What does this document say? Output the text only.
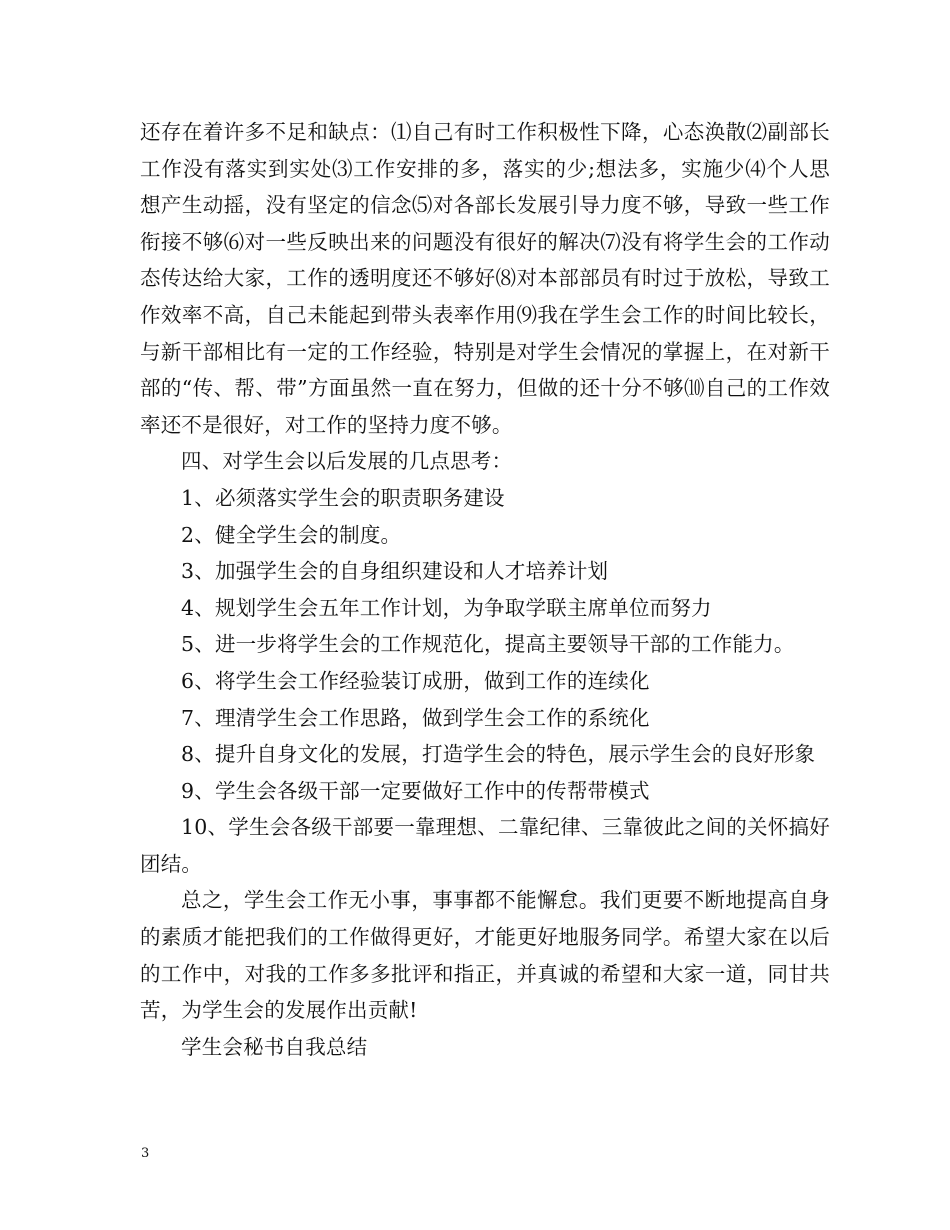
还存在着许多不足和缺点：⑴自己有时工作积极性下降，心态涣散⑵副部长工作没有落实到实处⑶工作安排的多，落实的少;想法多，实施少⑷个人思想产生动摇，没有坚定的信念⑸对各部长发展引导力度不够，导致一些工作衔接不够⑹对一些反映出来的问题没有很好的解决⑺没有将学生会的工作动态传达给大家，工作的透明度还不够好⑻对本部部员有时过于放松，导致工作效率不高，自己未能起到带头表率作用⑼我在学生会工作的时间比较长，与新干部相比有一定的工作经验，特别是对学生会情况的掌握上，在对新干部的“传、帮、带”方面虽然一直在努力，但做的还十分不够⑽自己的工作效率还不是很好，对工作的坚持力度不够。

四、对学生会以后发展的几点思考：

1、必须落实学生会的职责职务建设

2、健全学生会的制度。

3、加强学生会的自身组织建设和人才培养计划

4、规划学生会五年工作计划，为争取学联主席单位而努力

5、进一步将学生会的工作规范化，提高主要领导干部的工作能力。

6、将学生会工作经验装订成册，做到工作的连续化

7、理清学生会工作思路，做到学生会工作的系统化

8、提升自身文化的发展，打造学生会的特色，展示学生会的良好形象

9、学生会各级干部一定要做好工作中的传帮带模式

10、学生会各级干部要一靠理想、二靠纪律、三靠彼此之间的关怀搞好团结。

总之，学生会工作无小事，事事都不能懈怠。我们更要不断地提高自身的素质才能把我们的工作做得更好，才能更好地服务同学。希望大家在以后的工作中，对我的工作多多批评和指正，并真诚的希望和大家一道，同甘共苦，为学生会的发展作出贡献!

学生会秘书自我总结

3
